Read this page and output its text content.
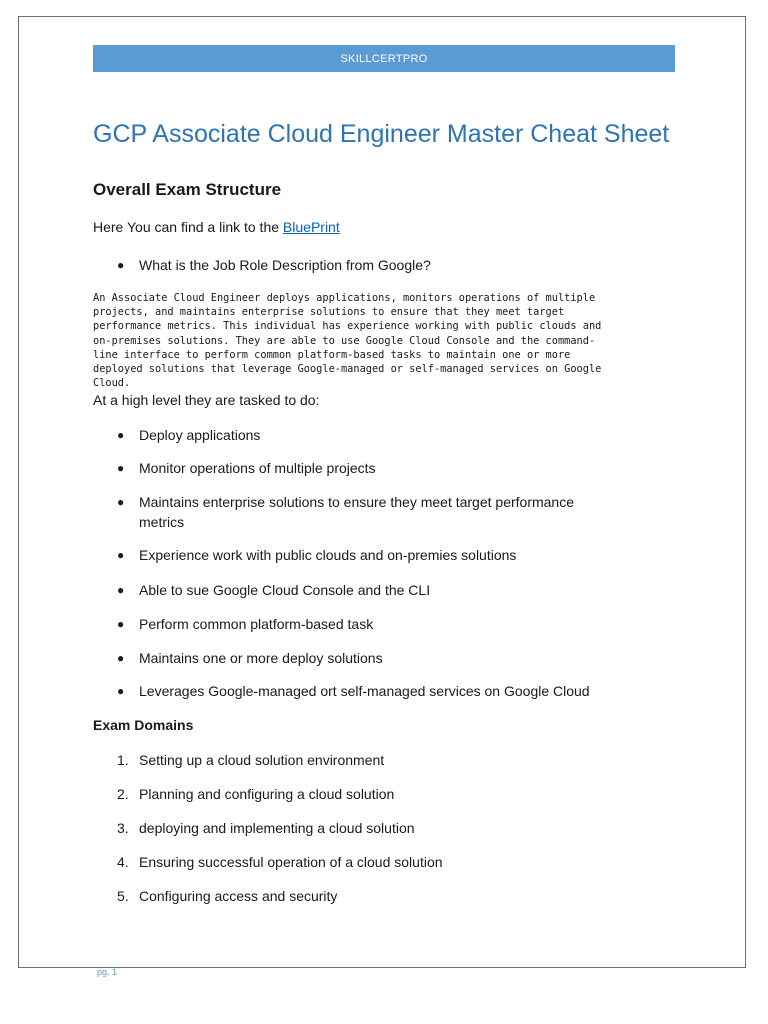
SKILLCERTPRO
GCP Associate Cloud Engineer Master Cheat Sheet
Overall Exam Structure

Here You can find a link to the BluePrint

●	What is the Job Role Description from Google?
An Associate Cloud Engineer deploys applications, monitors operations of multiple
projects, and maintains enterprise solutions to ensure that they meet target
performance metrics. This individual has experience working with public clouds and
on-premises solutions. They are able to use Google Cloud Console and the command-
line interface to perform common platform-based tasks to maintain one or more
deployed solutions that leverage Google-managed or self-managed services on Google
Cloud.

At a high level they are tasked to do:

●	Deploy applications
●	Monitor operations of multiple projects
●	Maintains enterprise solutions to ensure they meet target performance
metrics
●	Experience work with public clouds and on-premies solutions
●	Able to sue Google Cloud Console and the CLI
●	Perform common platform-based task
●	Maintains one or more deploy solutions
●	Leverages Google-managed ort self-managed services on Google Cloud

Exam Domains

1. Setting up a cloud solution environment
2. Planning and configuring a cloud solution
3. deploying and implementing a cloud solution
4. Ensuring successful operation of a cloud solution
5. Configuring access and security
pg. 1
